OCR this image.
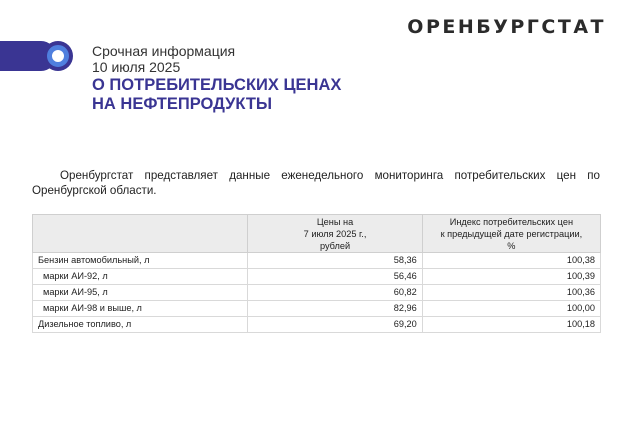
ОРЕНБУРГСТАТ
Срочная информация
10 июля 2025
О ПОТРЕБИТЕЛЬСКИХ ЦЕНАХ
НА НЕФТЕПРОДУКТЫ

Оренбургстат представляет данные еженедельного мониторинга потребительских цен по Оренбургской области.

	Цены на
7 июля 2025 г.,
рублей	Индекс потребительских цен
к предыдущей дате регистрации,
%
Бензин автомобильный, л	58,36	100,38
марки АИ-92, л	56,46	100,39
марки АИ-95, л	60,82	100,36
марки АИ-98 и выше, л	82,96	100,00
Дизельное топливо, л	69,20	100,18
